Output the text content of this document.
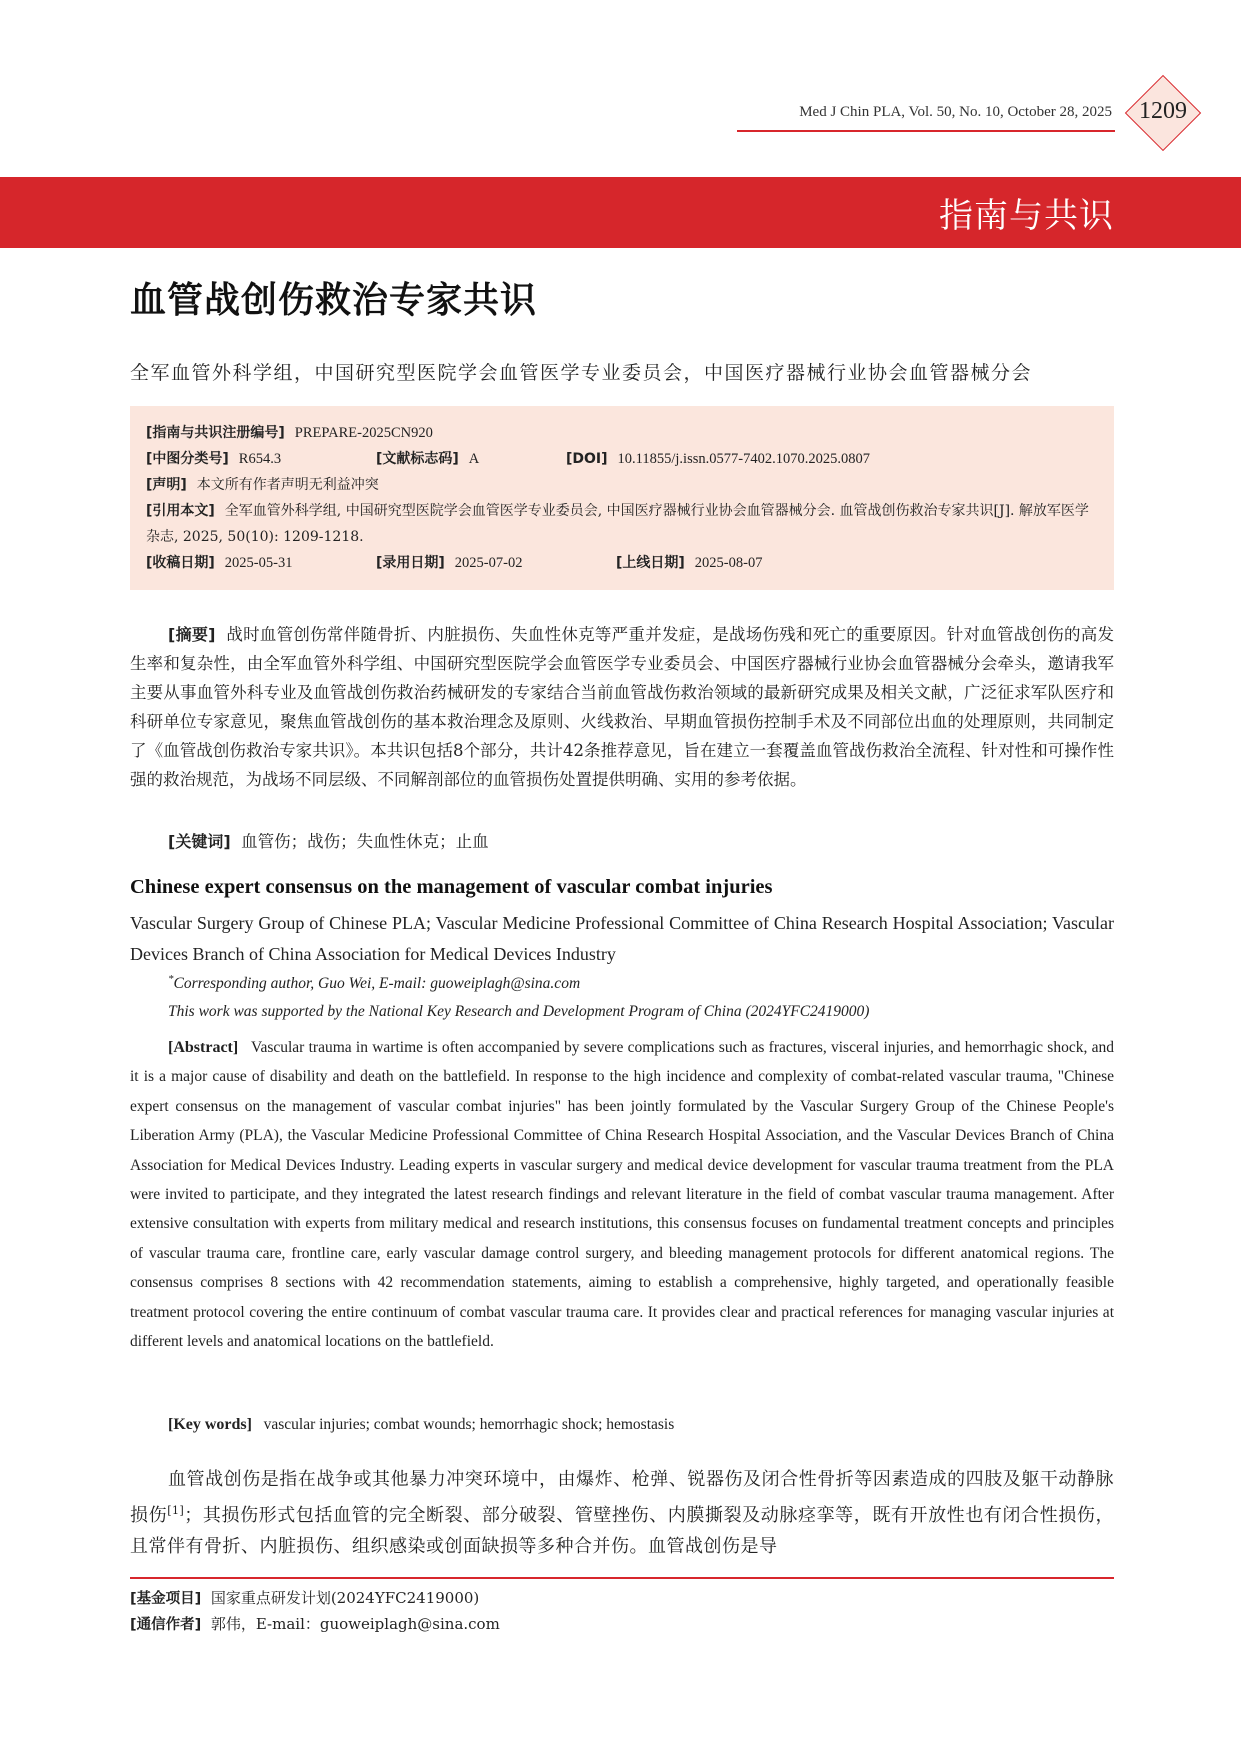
Med J Chin PLA, Vol. 50, No. 10, October 28, 2025	1209
指南与共识
血管战创伤救治专家共识
全军血管外科学组，中国研究型医院学会血管医学专业委员会，中国医疗器械行业协会血管器械分会
[指南与共识注册编号] PREPARE-2025CN920
[中图分类号] R654.3	[文献标志码] A	[DOI] 10.11855/j.issn.0577-7402.1070.2025.0807
[声明] 本文所有作者声明无利益冲突
[引用本文] 全军血管外科学组, 中国研究型医院学会血管医学专业委员会, 中国医疗器械行业协会血管器械分会. 血管战创伤救治专家共识[J]. 解放军医学杂志, 2025, 50(10): 1209-1218.
[收稿日期] 2025-05-31	[录用日期] 2025-07-02	[上线日期] 2025-08-07
[摘要] 战时血管创伤常伴随骨折、内脏损伤、失血性休克等严重并发症，是战场伤残和死亡的重要原因。针对血管战创伤的高发生率和复杂性，由全军血管外科学组、中国研究型医院学会血管医学专业委员会、中国医疗器械行业协会血管器械分会牵头，邀请我军主要从事血管外科专业及血管战创伤救治药械研发的专家结合当前血管战伤救治领域的最新研究成果及相关文献，广泛征求军队医疗和科研单位专家意见，聚焦血管战创伤的基本救治理念及原则、火线救治、早期血管损伤控制手术及不同部位出血的处理原则，共同制定了《血管战创伤救治专家共识》。本共识包括8个部分，共计42条推荐意见，旨在建立一套覆盖血管战伤救治全流程、针对性和可操作性强的救治规范，为战场不同层级、不同解剖部位的血管损伤处置提供明确、实用的参考依据。
[关键词] 血管伤；战伤；失血性休克；止血
Chinese expert consensus on the management of vascular combat injuries
Vascular Surgery Group of Chinese PLA; Vascular Medicine Professional Committee of China Research Hospital Association; Vascular Devices Branch of China Association for Medical Devices Industry
*Corresponding author, Guo Wei, E-mail: guoweiplagh@sina.com
This work was supported by the National Key Research and Development Program of China (2024YFC2419000)
[Abstract] Vascular trauma in wartime is often accompanied by severe complications such as fractures, visceral injuries, and hemorrhagic shock, and it is a major cause of disability and death on the battlefield. In response to the high incidence and complexity of combat-related vascular trauma, "Chinese expert consensus on the management of vascular combat injuries" has been jointly formulated by the Vascular Surgery Group of the Chinese People's Liberation Army (PLA), the Vascular Medicine Professional Committee of China Research Hospital Association, and the Vascular Devices Branch of China Association for Medical Devices Industry. Leading experts in vascular surgery and medical device development for vascular trauma treatment from the PLA were invited to participate, and they integrated the latest research findings and relevant literature in the field of combat vascular trauma management. After extensive consultation with experts from military medical and research institutions, this consensus focuses on fundamental treatment concepts and principles of vascular trauma care, frontline care, early vascular damage control surgery, and bleeding management protocols for different anatomical regions. The consensus comprises 8 sections with 42 recommendation statements, aiming to establish a comprehensive, highly targeted, and operationally feasible treatment protocol covering the entire continuum of combat vascular trauma care. It provides clear and practical references for managing vascular injuries at different levels and anatomical locations on the battlefield.
[Key words] vascular injuries; combat wounds; hemorrhagic shock; hemostasis
血管战创伤是指在战争或其他暴力冲突环境中，由爆炸、枪弹、锐器伤及闭合性骨折等因素造成的四肢及躯干动静脉损伤[1]；其损伤形式包括血管的完全断裂、部分破裂、管壁挫伤、内膜撕裂及动脉痉挛等，既有开放性也有闭合性损伤，且常伴有骨折、内脏损伤、组织感染或创面缺损等多种合并伤。血管战创伤是导
[基金项目] 国家重点研发计划(2024YFC2419000)
[通信作者] 郭伟，E-mail：guoweiplagh@sina.com
